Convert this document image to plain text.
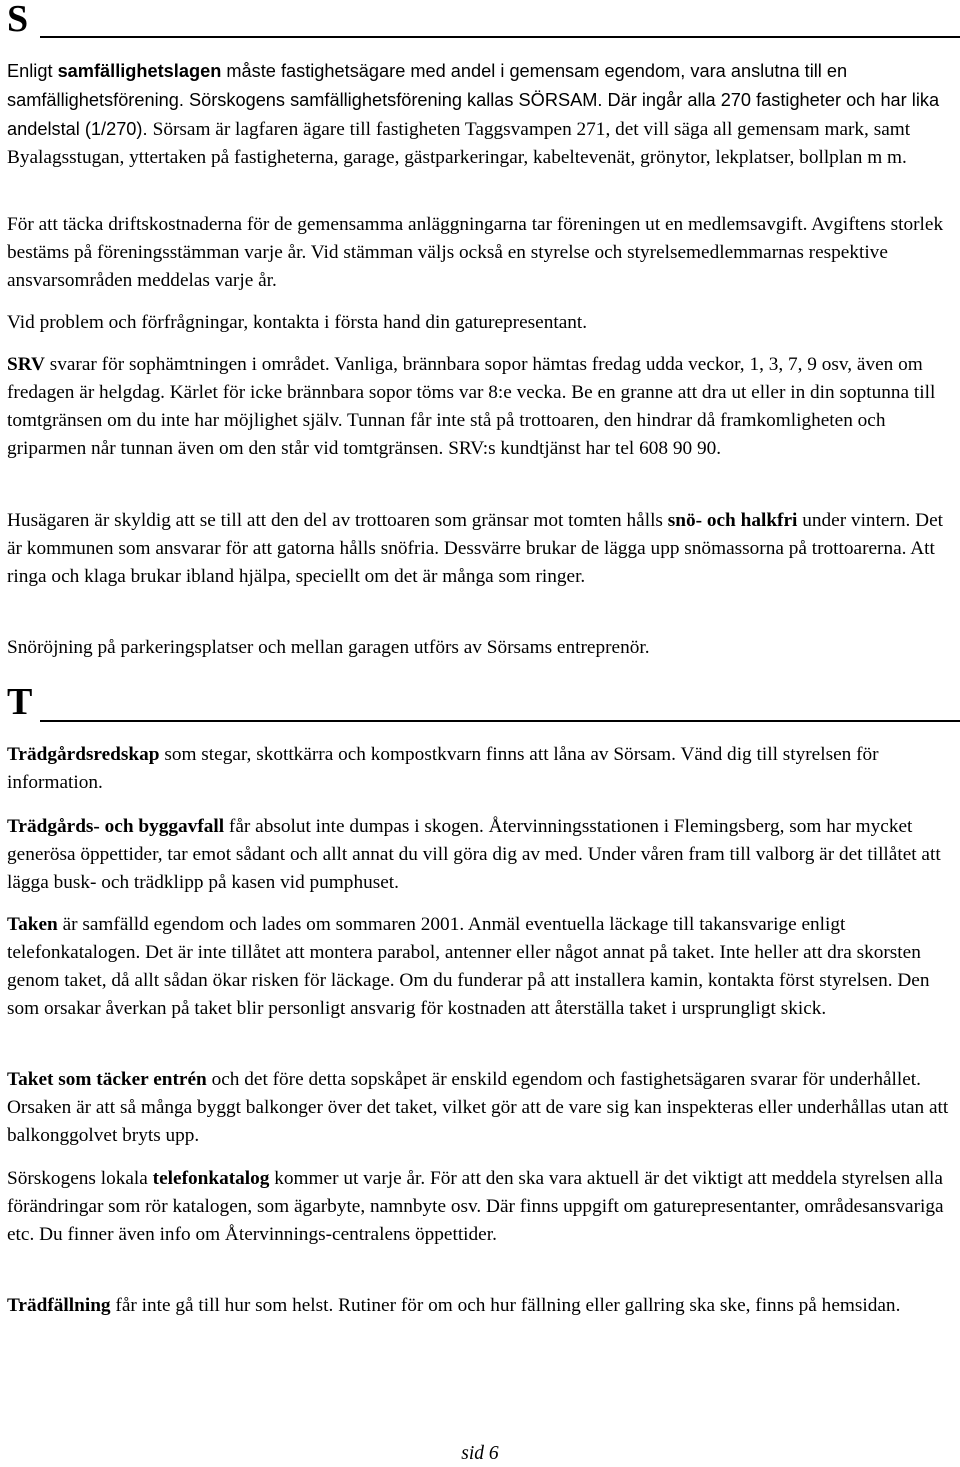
S

Enligt samfällighetslagen måste fastighetsägare med andel i gemensam egendom, vara anslutna till en samfällighetsförening. Sörskogens samfällighetsförening kallas SÖRSAM. Där ingår alla 270 fastigheter och har lika andelstal (1/270). Sörsam är lagfaren ägare till fastigheten Taggsvampen 271, det vill säga all gemensam mark, samt Byalagsstugan, yttertaken på fastigheterna, garage, gästparkeringar, kabeltevenät, grönytor, lekplatser, bollplan m m.

För att täcka driftskostnaderna för de gemensamma anläggningarna tar föreningen ut en medlemsavgift. Avgiftens storlek bestäms på föreningsstämman varje år. Vid stämman väljs också en styrelse och styrelsemedlemmarnas respektive ansvarsområden meddelas varje år.

Vid problem och förfrågningar, kontakta i första hand din gaturepresentant.

SRV svarar för sophämtningen i området. Vanliga, brännbara sopor hämtas fredag udda veckor, 1, 3, 7, 9 osv, även om fredagen är helgdag. Kärlet för icke brännbara sopor töms var 8:e vecka. Be en granne att dra ut eller in din soptunna till tomtgränsen om du inte har möjlighet själv. Tunnan får inte stå på trottoaren, den hindrar då framkomligheten och griparmen når tunnan även om den står vid tomtgränsen. SRV:s kundtjänst har tel 608 90 90.

Husägaren är skyldig att se till att den del av trottoaren som gränsar mot tomten hålls snö- och halkfri under vintern. Det är kommunen som ansvarar för att gatorna hålls snöfria. Dessvärre brukar de lägga upp snömassorna på trottoarerna. Att ringa och klaga brukar ibland hjälpa, speciellt om det är många som ringer.

Snöröjning på parkeringsplatser och mellan garagen utförs av Sörsams entreprenör.

T

Trädgårdsredskap som stegar, skottkärra och kompostkvarn finns att låna av Sörsam. Vänd dig till styrelsen för information.

Trädgårds- och byggavfall får absolut inte dumpas i skogen. Återvinningsstationen i Flemingsberg, som har mycket generösa öppettider, tar emot sådant och allt annat du vill göra dig av med. Under våren fram till valborg är det tillåtet att lägga busk- och trädklipp på kasen vid pumphuset.

Taken är samfälld egendom och lades om sommaren 2001. Anmäl eventuella läckage till takansvarige enligt telefonkatalogen. Det är inte tillåtet att montera parabol, antenner eller något annat på taket. Inte heller att dra skorsten genom taket, då allt sådan ökar risken för läckage. Om du funderar på att installera kamin, kontakta först styrelsen. Den som orsakar åverkan på taket blir personligt ansvarig för kostnaden att återställa taket i ursprungligt skick.

Taket som täcker entrén och det före detta sopskåpet är enskild egendom och fastighetsägaren svarar för underhållet. Orsaken är att så många byggt balkonger över det taket, vilket gör att de vare sig kan inspekteras eller underhållas utan att balkonggolvet bryts upp.

Sörskogens lokala telefonkatalog kommer ut varje år. För att den ska vara aktuell är det viktigt att meddela styrelsen alla förändringar som rör katalogen, som ägarbyte, namnbyte osv. Där finns uppgift om gaturepresentanter, områdesansvariga etc. Du finner även info om Återvinnings-centralens öppettider.

Trädfällning får inte gå till hur som helst. Rutiner för om och hur fällning eller gallring ska ske, finns på hemsidan.

sid 6
